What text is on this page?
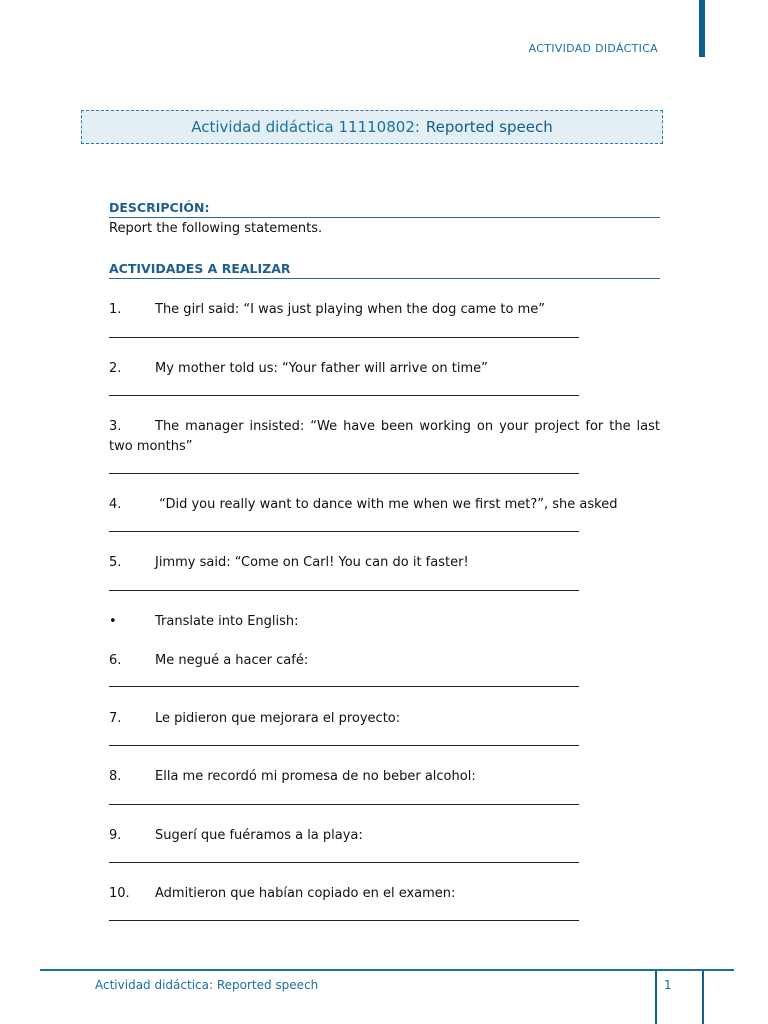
ACTIVIDAD DIDÁCTICA
Actividad didáctica 11110802: Reported speech
DESCRIPCIÓN:
Report the following statements.
ACTIVIDADES A REALIZAR
1.	The girl said: “I was just playing when the dog came to me”
2.	My mother told us: “Your father will arrive on time”
3.	The manager insisted: “We have been working on your project for the last two months”
4.	“Did you really want to dance with me when we first met?”, she asked
5.	Jimmy said: “Come on Carl! You can do it faster!
•	Translate into English:
6.	Me negué a hacer café:
7.	Le pidieron que mejorara el proyecto:
8.	Ella me recordó mi promesa de no beber alcohol:
9.	Sugerí que fuéramos a la playa:
10. Admitieron que habían copiado en el examen:
Actividad didáctica: Reported speech	1
